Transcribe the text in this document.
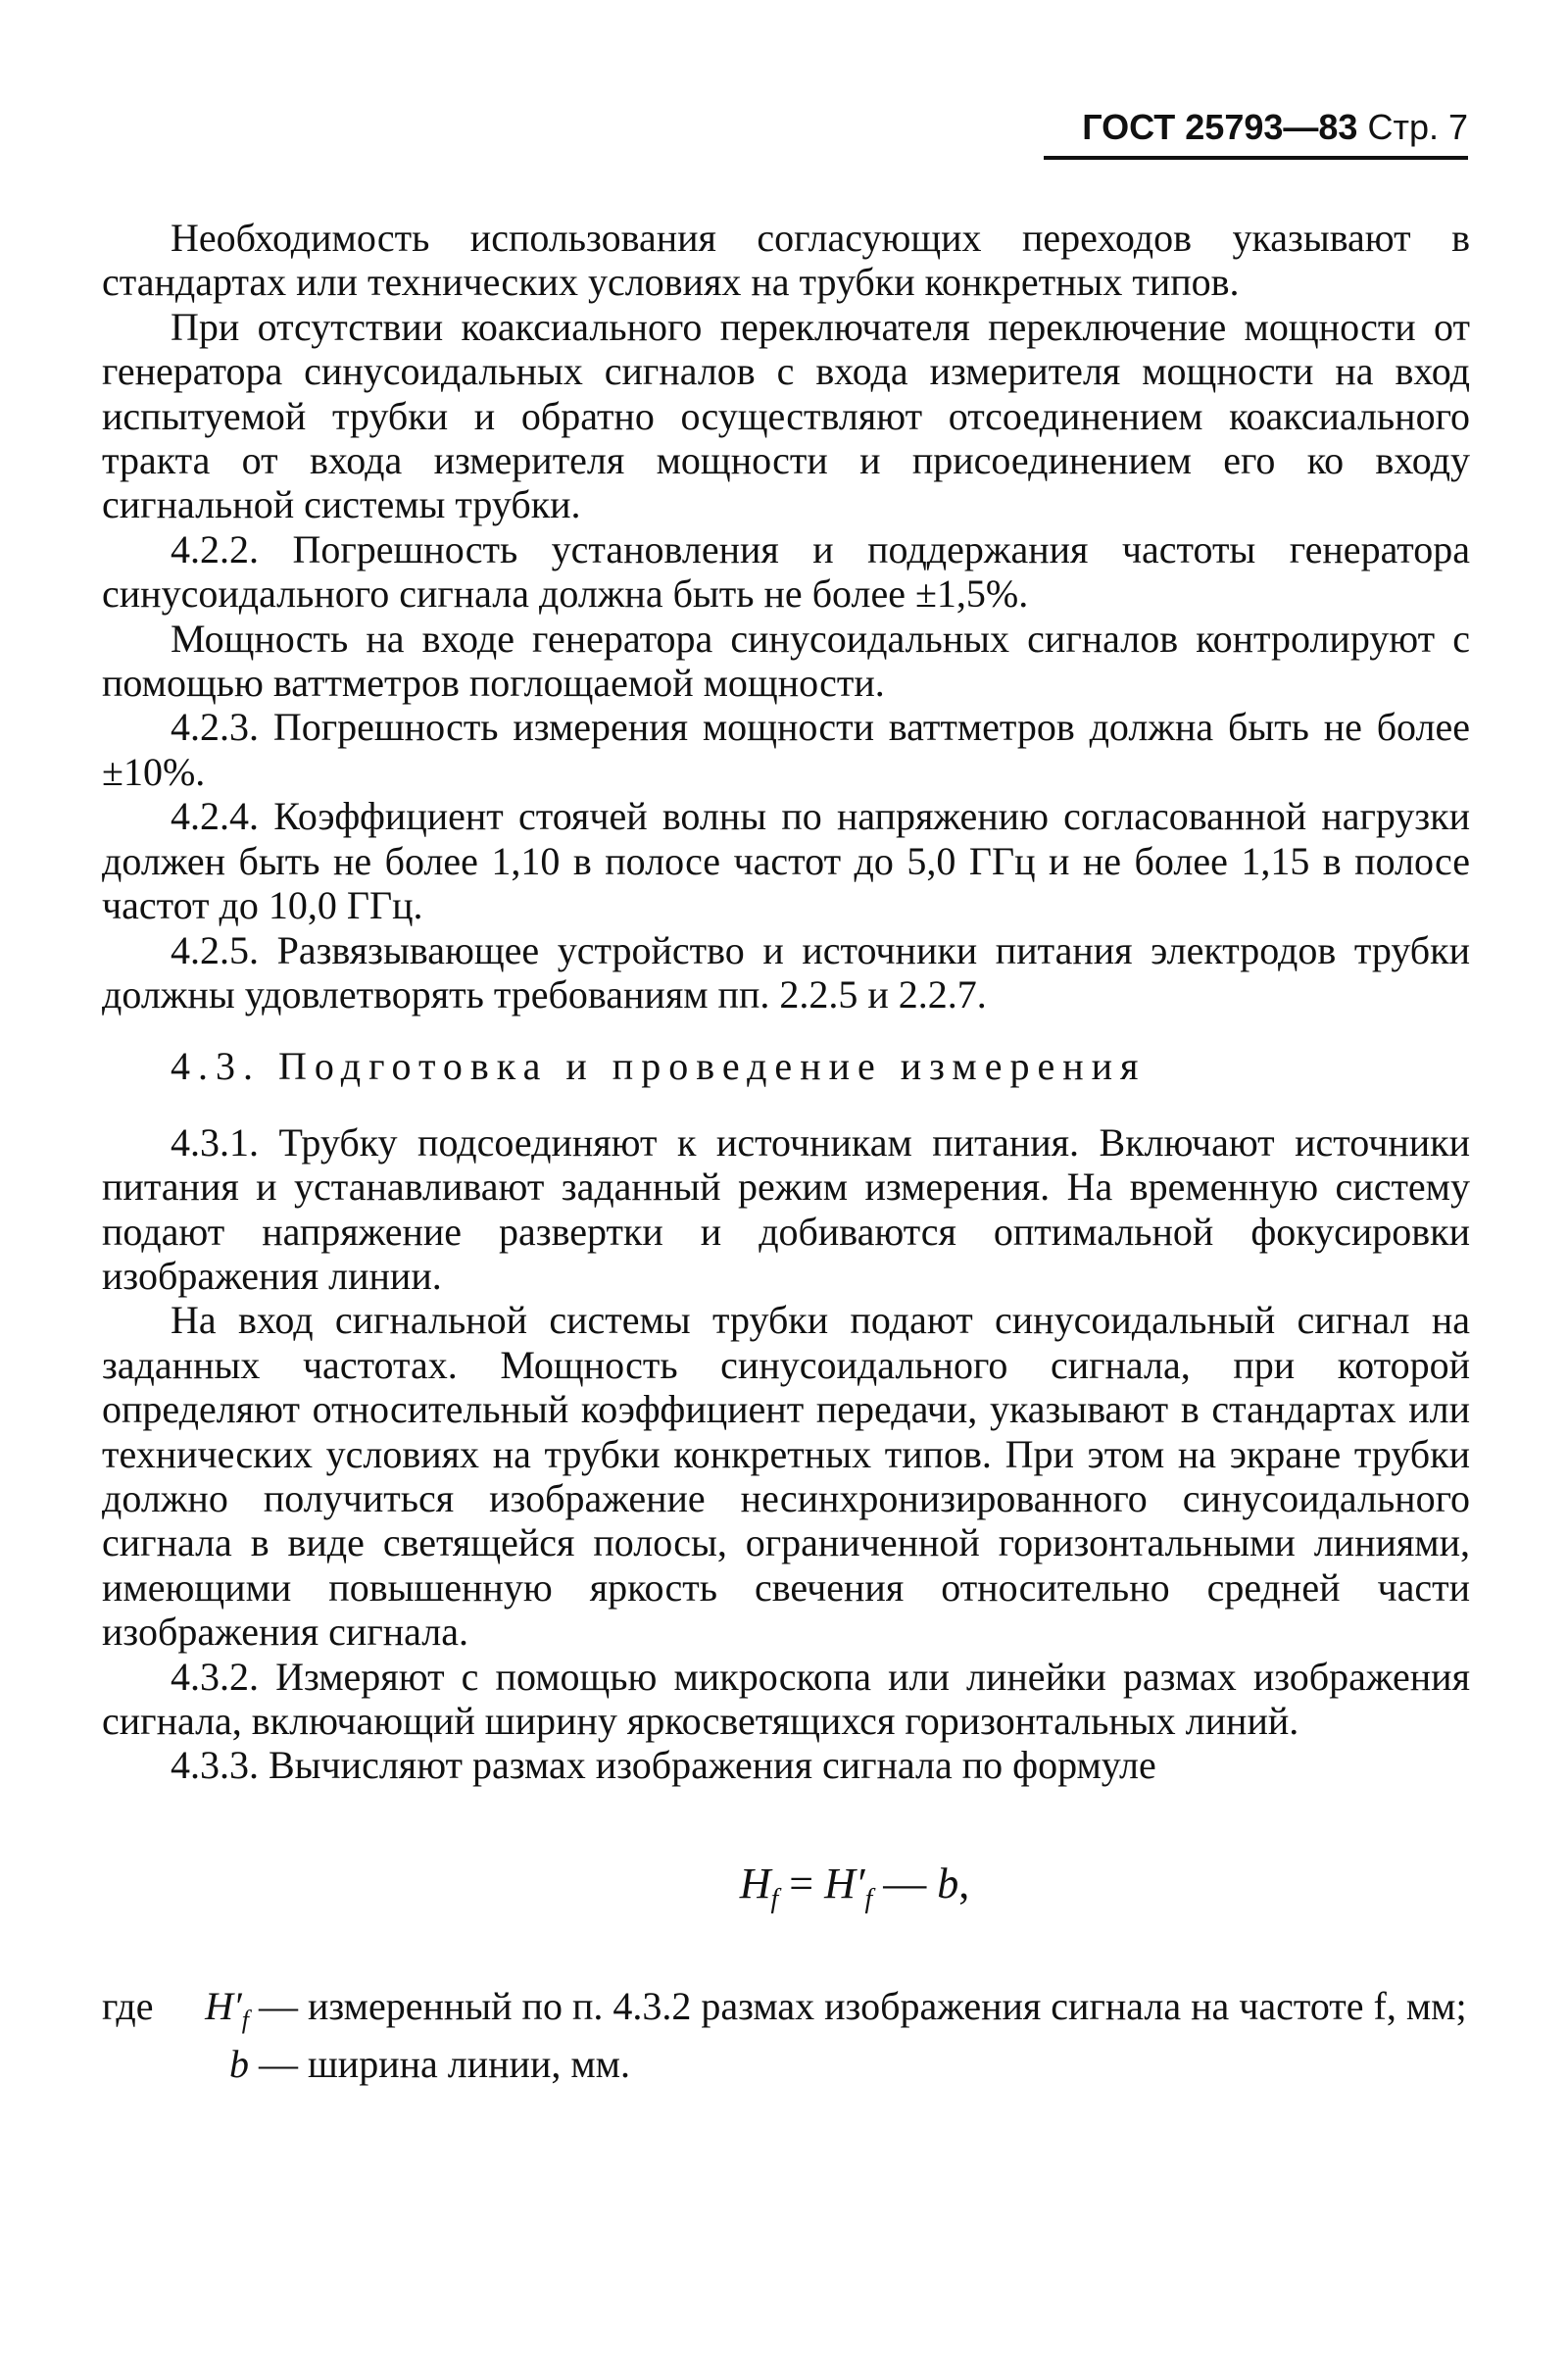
ГОСТ 25793—83 Стр. 7

Необходимость использования согласующих переходов указывают в стандартах или технических условиях на трубки конкретных типов.

При отсутствии коаксиального переключателя переключение мощности от генератора синусоидальных сигналов с входа измерителя мощности на вход испытуемой трубки и обратно осуществляют отсоединением коаксиального тракта от входа измерителя мощности и присоединением его ко входу сигнальной системы трубки.

4.2.2. Погрешность установления и поддержания частоты генератора синусоидального сигнала должна быть не более ±1,5%.

Мощность на входе генератора синусоидальных сигналов контролируют с помощью ваттметров поглощаемой мощности.

4.2.3. Погрешность измерения мощности ваттметров должна быть не более ±10%.

4.2.4. Коэффициент стоячей волны по напряжению согласованной нагрузки должен быть не более 1,10 в полосе частот до 5,0 ГГц и не более 1,15 в полосе частот до 10,0 ГГц.

4.2.5. Развязывающее устройство и источники питания электродов трубки должны удовлетворять требованиям пп. 2.2.5 и 2.2.7.

4.3. Подготовка и проведение измерения

4.3.1. Трубку подсоединяют к источникам питания. Включают источники питания и устанавливают заданный режим измерения. На временную систему подают напряжение развертки и добиваются оптимальной фокусировки изображения линии.

На вход сигнальной системы трубки подают синусоидальный сигнал на заданных частотах. Мощность синусоидального сигнала, при которой определяют относительный коэффициент передачи, указывают в стандартах или технических условиях на трубки конкретных типов. При этом на экране трубки должно получиться изображение несинхронизированного синусоидального сигнала в виде светящейся полосы, ограниченной горизонтальными линиями, имеющими повышенную яркость свечения относительно средней части изображения сигнала.

4.3.2. Измеряют с помощью микроскопа или линейки размах изображения сигнала, включающий ширину яркосветящихся горизонтальных линий.

4.3.3. Вычисляют размах изображения сигнала по формуле

$H_f = H'_f$ — b,
где	$H'_f$	— измеренный по п. 4.3.2 размах изображения сигнала на частоте f, мм;
	b	— ширина линии, мм.
